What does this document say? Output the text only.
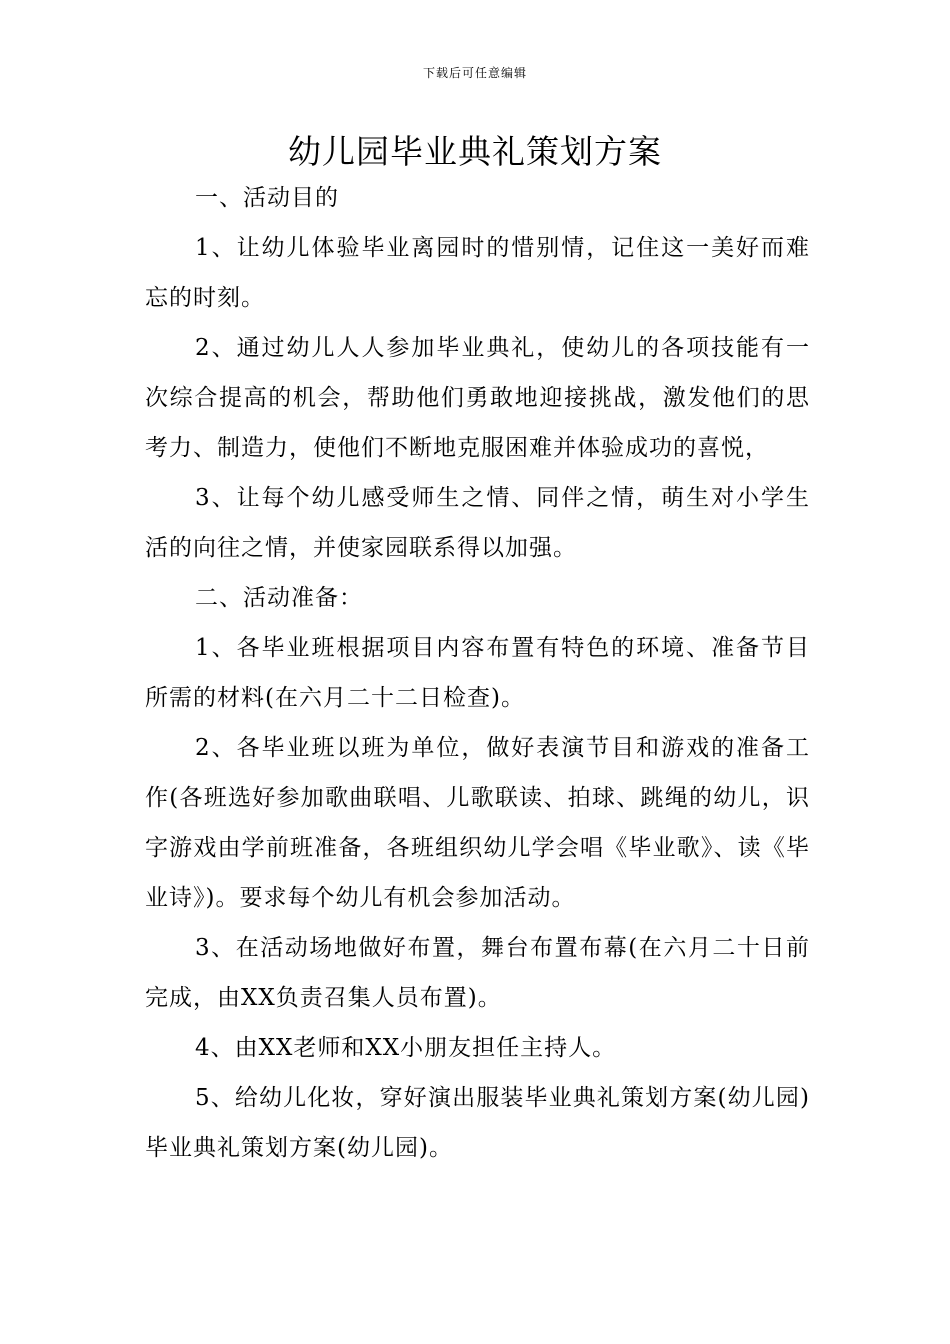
下载后可任意编辑
幼儿园毕业典礼策划方案

一、活动目的

1、让幼儿体验毕业离园时的惜别情，记住这一美好而难忘的时刻。

2、通过幼儿人人参加毕业典礼，使幼儿的各项技能有一次综合提高的机会，帮助他们勇敢地迎接挑战，激发他们的思考力、制造力，使他们不断地克服困难并体验成功的喜悦，

3、让每个幼儿感受师生之情、同伴之情，萌生对小学生活的向往之情，并使家园联系得以加强。

二、活动准备：

1、各毕业班根据项目内容布置有特色的环境、准备节目所需的材料(在六月二十二日检查)。

2、各毕业班以班为单位，做好表演节目和游戏的准备工作(各班选好参加歌曲联唱、儿歌联读、拍球、跳绳的幼儿，识字游戏由学前班准备，各班组织幼儿学会唱《毕业歌》、读《毕业诗》)。要求每个幼儿有机会参加活动。

3、在活动场地做好布置，舞台布置布幕(在六月二十日前完成，由XX负责召集人员布置)。

4、由XX老师和XX小朋友担任主持人。

5、给幼儿化妆，穿好演出服装毕业典礼策划方案(幼儿园)毕业典礼策划方案(幼儿园)。
